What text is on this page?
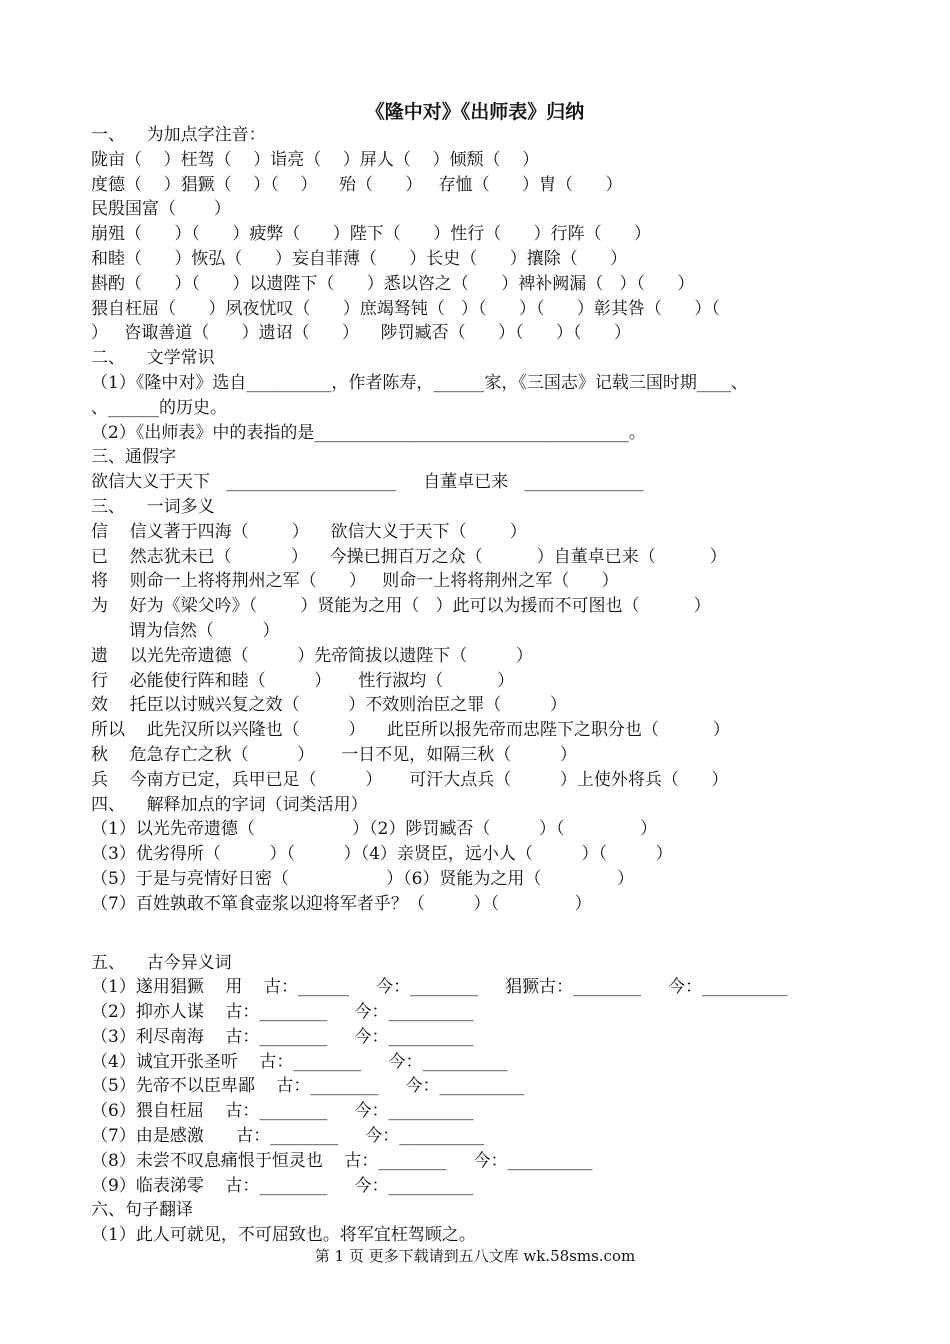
《隆中对》《出师表》归纳
一、    为加点字注音：
陇亩（    ）枉驾（    ）诣亮（    ）屏人（    ）倾颓（    ）
度德（    ）猖獗（    ）（    ）    殆（      ）   存恤（      ）胄（      ）
民殷国富（       ）
崩殂（      ）（      ）疲弊（      ）陛下（      ）性行（      ）行阵（      ）
和睦（      ）恢弘（      ）妄自菲薄（      ）长史（      ）攘除（      ）
斟酌（      ）（      ）以遗陛下（      ）悉以咨之（      ）裨补阙漏（   ）（      ）
猥自枉屈（      ）夙夜忧叹（      ）庶竭驽钝（   ）（      ）（      ）彰其咎（      ）（
）   咨诹善道（      ）遗诏（      ）    陟罚臧否（      ）（      ）（      ）
二、    文学常识
（1）《隆中对》选自__________，作者陈寿，______家，《三国志》记载三国时期____、
、______的历史。
（2）《出师表》中的表指的是_____________________________________。
三、通假字
欲信大义于天下   ____________________     自董卓已来   ______________
三、    一词多义
信    信义著于四海（        ）    欲信大义于天下（        ）
已    然志犹未已（           ）    今操已拥百万之众（          ）自董卓已来（          ）
将    则命一上将将荆州之军（      ）   则命一上将将荆州之军（      ）
为    好为《梁父吟》（        ）贤能为之用（   ）此可以为援而不可图也（          ）
谓为信然（         ）
遗    以光先帝遗德（         ）先帝简拔以遗陛下（         ）
行    必能使行阵和睦（         ）     性行淑均（          ）
效    托臣以讨贼兴复之效（         ）不效则治臣之罪（         ）
所以    此先汉所以兴隆也（         ）    此臣所以报先帝而忠陛下之职分也（          ）
秋    危急存亡之秋（         ）     一日不见，如隔三秋（         ）
兵    今南方已定，兵甲已足（         ）     可汗大点兵（         ）上使外将兵（      ）
四、    解释加点的字词（词类活用）
（1）以光先帝遗德（                  ）（2）陟罚臧否（         ）（              ）
（3）优劣得所（         ）（         ）（4）亲贤臣，远小人（         ）（         ）
（5）于是与亮情好日密（                  ）（6）贤能为之用（              ）
（7）百姓孰敢不箪食壶浆以迎将军者乎？（         ）（              ）
五、    古今异义词
（1）遂用猖獗    用    古：______     今：________     猖獗古：________     今：__________
（2）抑亦人谋    古：________     今：__________
（3）利尽南海    古：________     今：__________
（4）诚宜开张圣听    古：________     今：__________
（5）先帝不以臣卑鄙    古：________     今：__________
（6）猥自枉屈    古：________     今：__________
（7）由是感激      古：________     今：__________
（8）未尝不叹息痛恨于恒灵也    古：________     今：__________
（9）临表涕零    古：________     今：__________
六、句子翻译
（1）此人可就见，不可屈致也。将军宜枉驾顾之。
第 1 页 更多下载请到五八文库 wk.58sms.com
